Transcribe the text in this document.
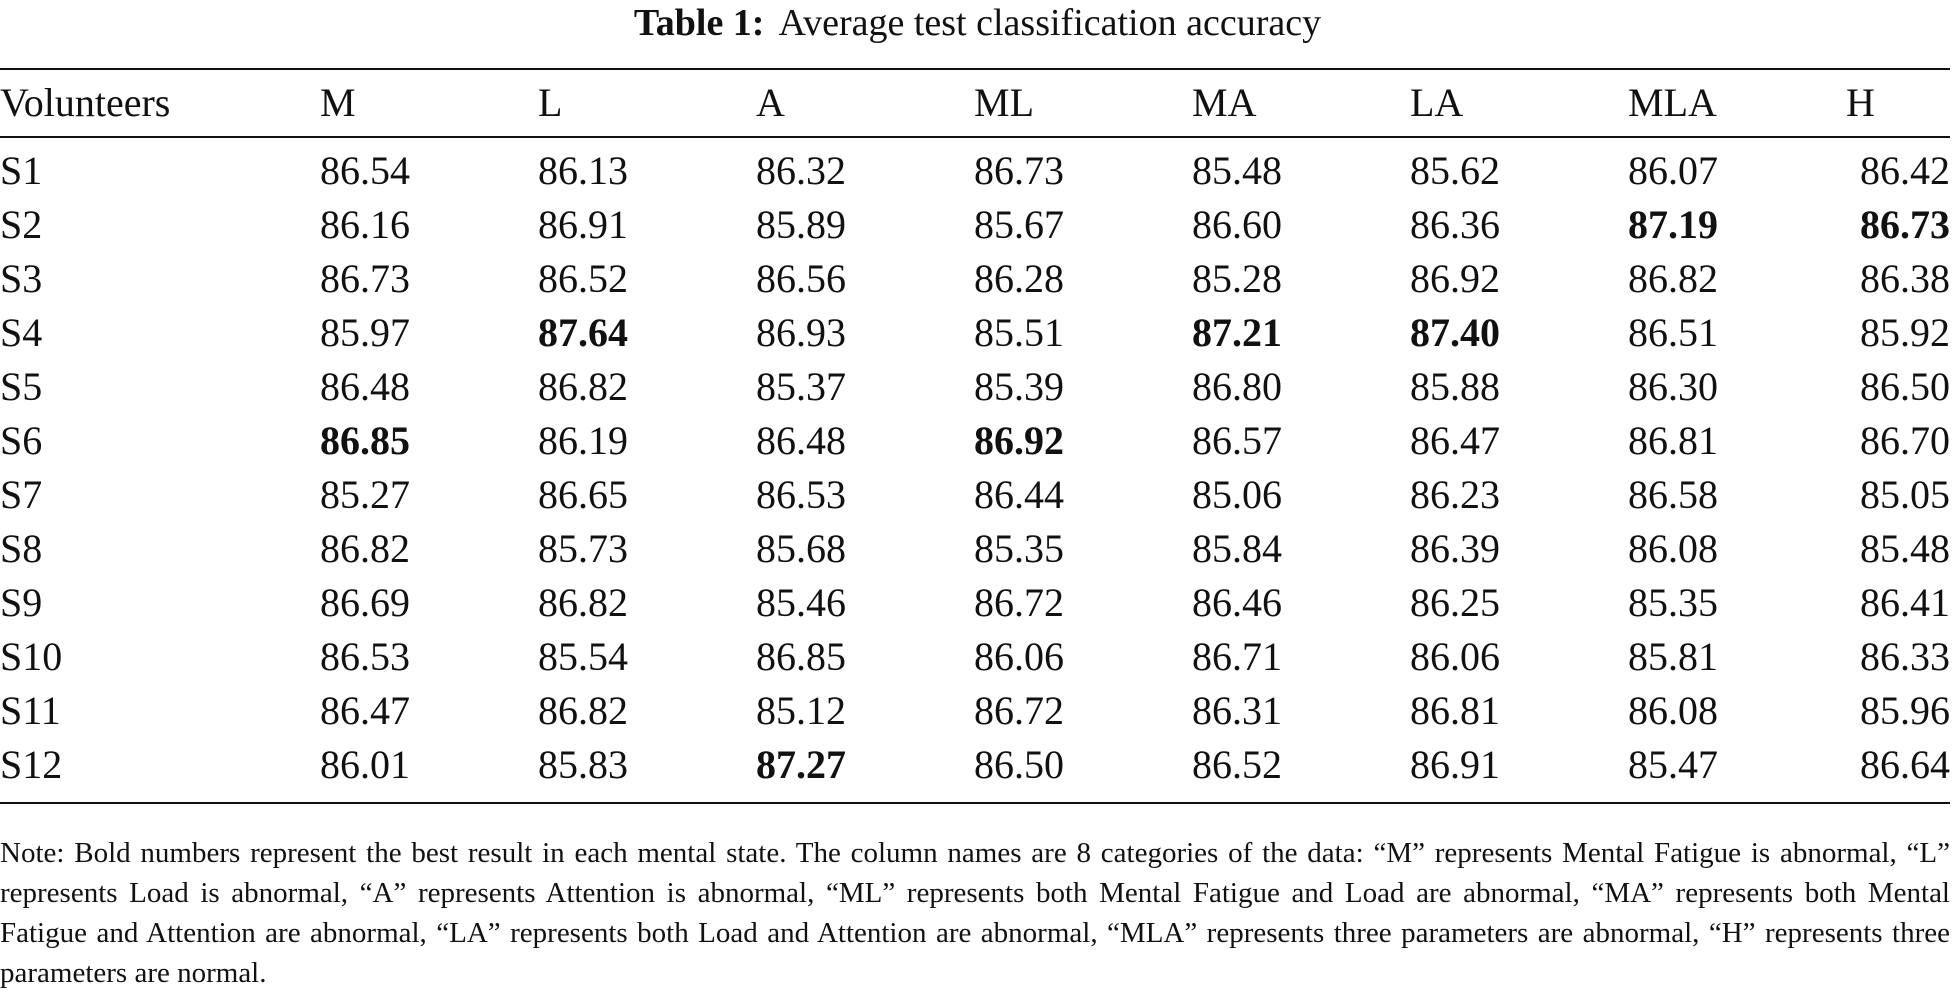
Table 1: Average test classification accuracy
Volunteers	M	L	A	ML	MA	LA	MLA	H
S1	86.54	86.13	86.32	86.73	85.48	85.62	86.07	86.42
S2	86.16	86.91	85.89	85.67	86.60	86.36	87.19	86.73
S3	86.73	86.52	86.56	86.28	85.28	86.92	86.82	86.38
S4	85.97	87.64	86.93	85.51	87.21	87.40	86.51	85.92
S5	86.48	86.82	85.37	85.39	86.80	85.88	86.30	86.50
S6	86.85	86.19	86.48	86.92	86.57	86.47	86.81	86.70
S7	85.27	86.65	86.53	86.44	85.06	86.23	86.58	85.05
S8	86.82	85.73	85.68	85.35	85.84	86.39	86.08	85.48
S9	86.69	86.82	85.46	86.72	86.46	86.25	85.35	86.41
S10	86.53	85.54	86.85	86.06	86.71	86.06	85.81	86.33
S11	86.47	86.82	85.12	86.72	86.31	86.81	86.08	85.96
S12	86.01	85.83	87.27	86.50	86.52	86.91	85.47	86.64
Note: Bold numbers represent the best result in each mental state. The column names are 8 categories of the data: “M” represents Mental Fatigue is abnormal, “L” represents Load is abnormal, “A” represents Attention is abnormal, “ML” represents both Mental Fatigue and Load are abnormal, “MA” represents both Mental Fatigue and Attention are abnormal, “LA” represents both Load and Attention are abnormal, “MLA” represents three parameters are abnormal, “H” represents three parameters are normal.
